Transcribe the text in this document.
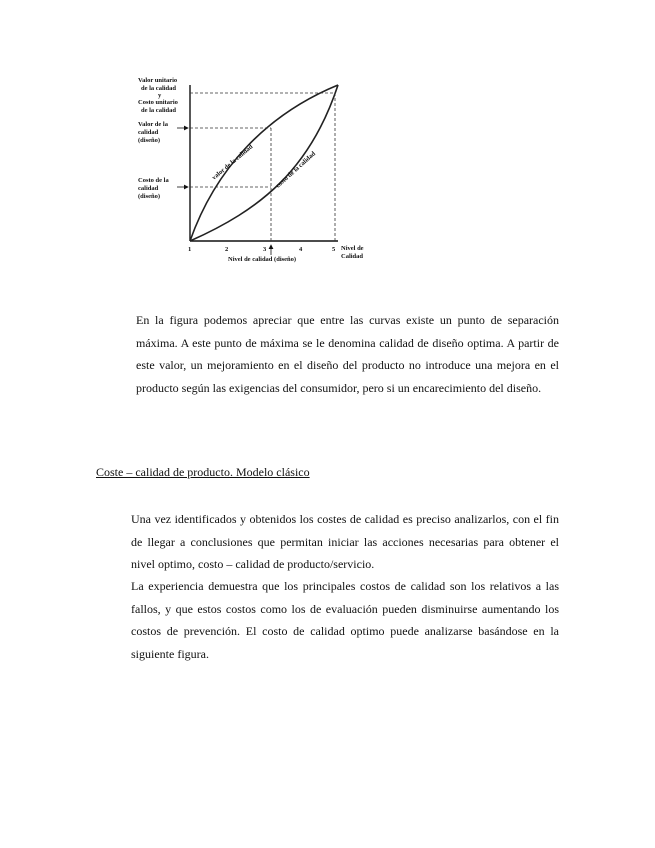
Valor unitario
de la calidad
y
Costo unitario
de la calidad
Valor de la
calidad
(diseño)
Costo de la
calidad
(diseño)
valor de la calidad	costo de la calidad
1	2	3	4	5
Nivel de calidad (diseño)
Nivel de
Calidad

En la figura podemos apreciar que entre las curvas existe un punto de separación máxima. A este punto de máxima se le denomina calidad de diseño optima. A partir de este valor, un mejoramiento en el diseño del producto no introduce una mejora en el producto según las exigencias del consumidor, pero si un encarecimiento del diseño.

Coste – calidad de producto. Modelo clásico

Una vez identificados y obtenidos los costes de calidad es preciso analizarlos, con el fin de llegar a conclusiones que permitan iniciar las acciones necesarias para obtener el nivel optimo, costo – calidad de producto/servicio.

La experiencia demuestra que los principales costos de calidad son los relativos a las fallos, y que estos costos como los de evaluación pueden disminuirse aumentando los costos de prevención. El costo de calidad optimo puede analizarse basándose en la siguiente figura.
